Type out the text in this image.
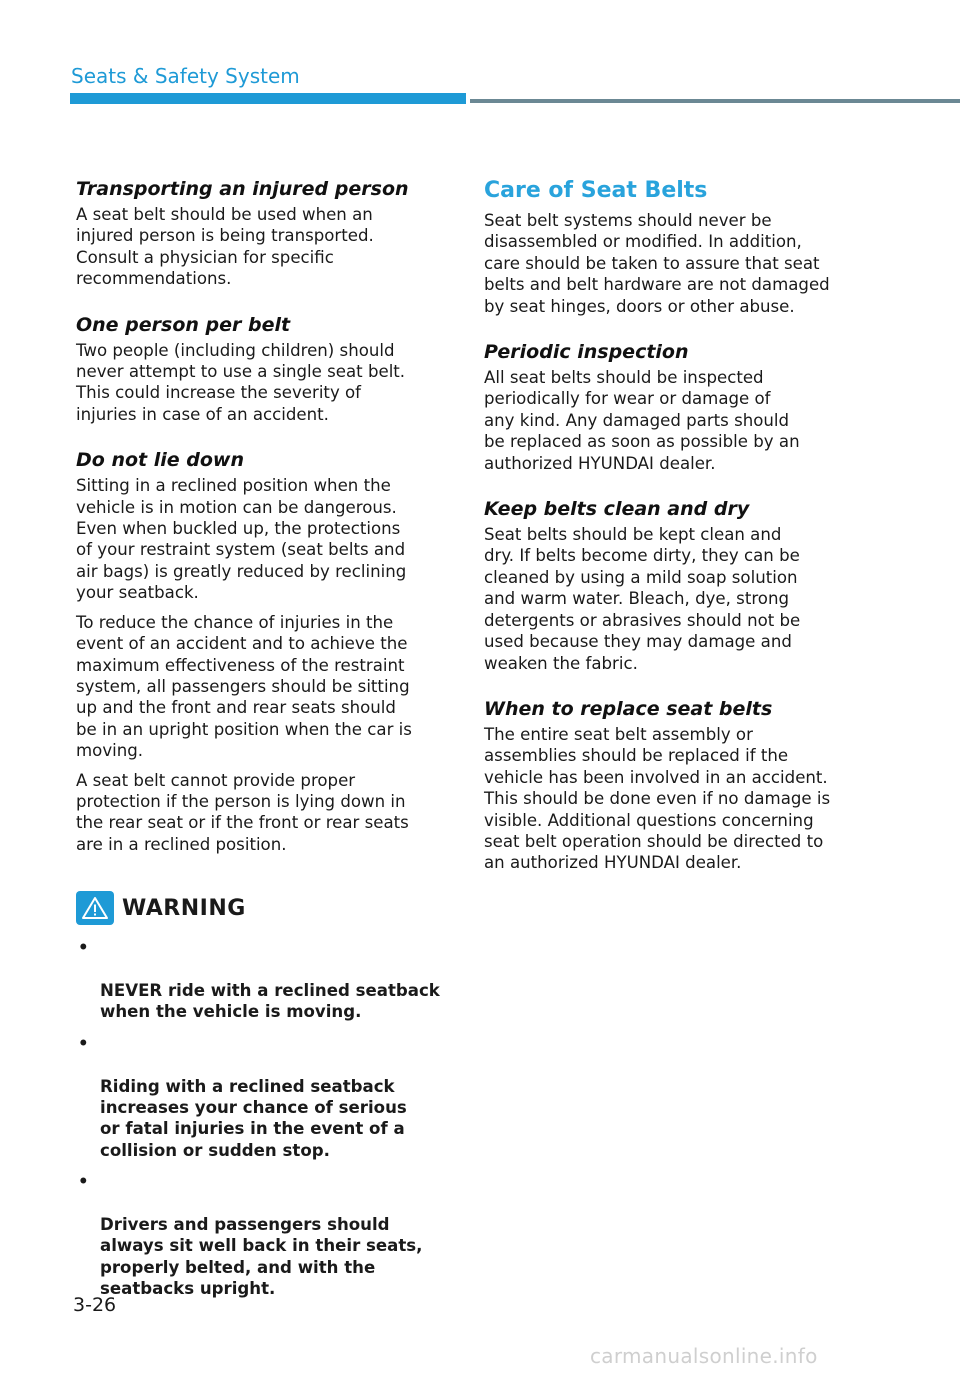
Seats & Safety System
Transporting an injured person

A seat belt should be used when an
injured person is being transported.
Consult a physician for specific
recommendations.

One person per belt

Two people (including children) should
never attempt to use a single seat belt.
This could increase the severity of
injuries in case of an accident.

Do not lie down

Sitting in a reclined position when the
vehicle is in motion can be dangerous.
Even when buckled up, the protections
of your restraint system (seat belts and
air bags) is greatly reduced by reclining
your seatback.

To reduce the chance of injuries in the
event of an accident and to achieve the
maximum effectiveness of the restraint
system, all passengers should be sitting
up and the front and rear seats should
be in an upright position when the car is
moving.

A seat belt cannot provide proper
protection if the person is lying down in
the rear seat or if the front or rear seats
are in a reclined position.

WARNING

•

NEVER ride with a reclined seatback
when the vehicle is moving.

•

Riding with a reclined seatback
increases your chance of serious
or fatal injuries in the event of a
collision or sudden stop.

•

Drivers and passengers should
always sit well back in their seats,
properly belted, and with the
seatbacks upright.

Care of Seat Belts

Seat belt systems should never be
disassembled or modified. In addition,
care should be taken to assure that seat
belts and belt hardware are not damaged
by seat hinges, doors or other abuse.

Periodic inspection

All seat belts should be inspected
periodically for wear or damage of
any kind. Any damaged parts should
be replaced as soon as possible by an
authorized HYUNDAI dealer.

Keep belts clean and dry

Seat belts should be kept clean and
dry. If belts become dirty, they can be
cleaned by using a mild soap solution
and warm water. Bleach, dye, strong
detergents or abrasives should not be
used because they may damage and
weaken the fabric.

When to replace seat belts

The entire seat belt assembly or
assemblies should be replaced if the
vehicle has been involved in an accident.
This should be done even if no damage is
visible. Additional questions concerning
seat belt operation should be directed to
an authorized HYUNDAI dealer.

3-26
carmanualsonline.info
